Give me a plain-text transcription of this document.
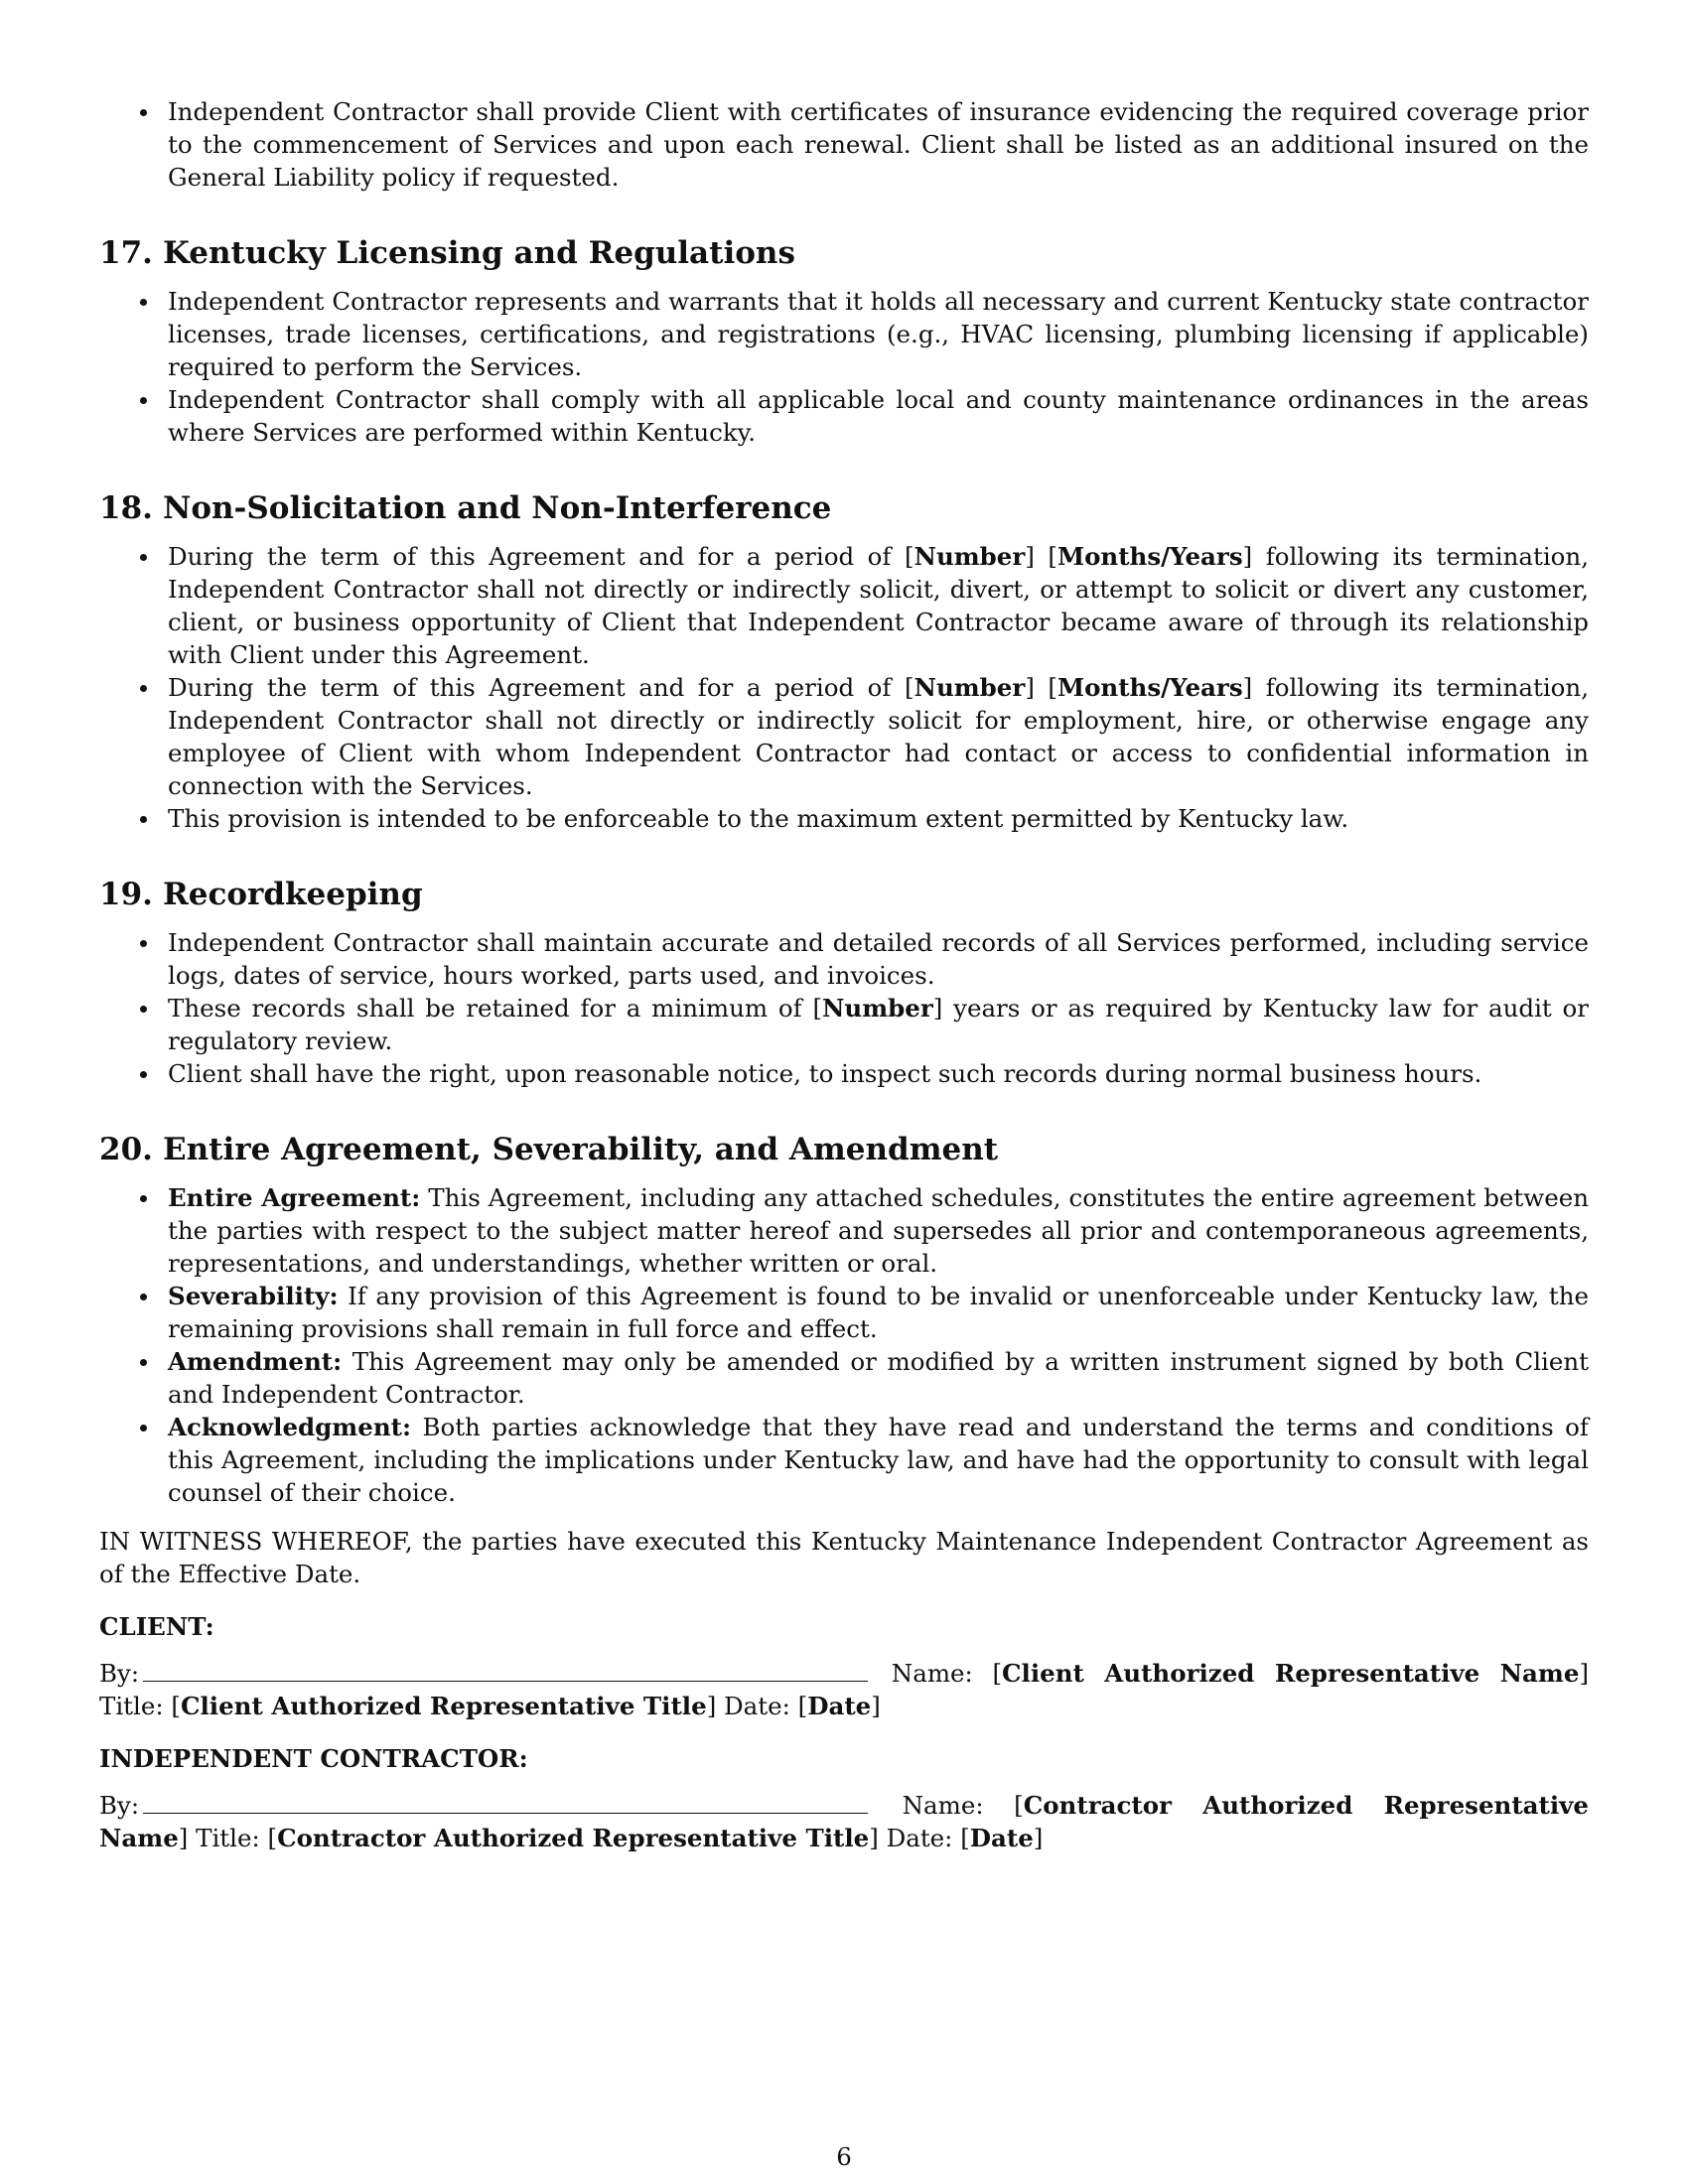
Independent Contractor shall provide Client with certificates of insurance evidencing the required coverage prior to the commencement of Services and upon each renewal. Client shall be listed as an additional insured on the General Liability policy if requested.
17. Kentucky Licensing and Regulations
Independent Contractor represents and warrants that it holds all necessary and current Kentucky state contractor licenses, trade licenses, certifications, and registrations (e.g., HVAC licensing, plumbing licensing if applicable) required to perform the Services.
Independent Contractor shall comply with all applicable local and county maintenance ordinances in the areas where Services are performed within Kentucky.
18. Non-Solicitation and Non-Interference
During the term of this Agreement and for a period of [Number] [Months/Years] following its termination, Independent Contractor shall not directly or indirectly solicit, divert, or attempt to solicit or divert any customer, client, or business opportunity of Client that Independent Contractor became aware of through its relationship with Client under this Agreement.
During the term of this Agreement and for a period of [Number] [Months/Years] following its termination, Independent Contractor shall not directly or indirectly solicit for employment, hire, or otherwise engage any employee of Client with whom Independent Contractor had contact or access to confidential information in connection with the Services.
This provision is intended to be enforceable to the maximum extent permitted by Kentucky law.
19. Recordkeeping
Independent Contractor shall maintain accurate and detailed records of all Services performed, including service logs, dates of service, hours worked, parts used, and invoices.
These records shall be retained for a minimum of [Number] years or as required by Kentucky law for audit or regulatory review.
Client shall have the right, upon reasonable notice, to inspect such records during normal business hours.
20. Entire Agreement, Severability, and Amendment
Entire Agreement: This Agreement, including any attached schedules, constitutes the entire agreement between the parties with respect to the subject matter hereof and supersedes all prior and contemporaneous agreements, representations, and understandings, whether written or oral.
Severability: If any provision of this Agreement is found to be invalid or unenforceable under Kentucky law, the remaining provisions shall remain in full force and effect.
Amendment: This Agreement may only be amended or modified by a written instrument signed by both Client and Independent Contractor.
Acknowledgment: Both parties acknowledge that they have read and understand the terms and conditions of this Agreement, including the implications under Kentucky law, and have had the opportunity to consult with legal counsel of their choice.

IN WITNESS WHEREOF, the parties have executed this Kentucky Maintenance Independent Contractor Agreement as of the Effective Date.

CLIENT:

By:	Name: [Client Authorized Representative Name] Title: [Client Authorized Representative Title] Date: [Date]

INDEPENDENT CONTRACTOR:

By:	Name: [Contractor Authorized Representative Name] Title: [Contractor Authorized Representative Title] Date: [Date]

6
